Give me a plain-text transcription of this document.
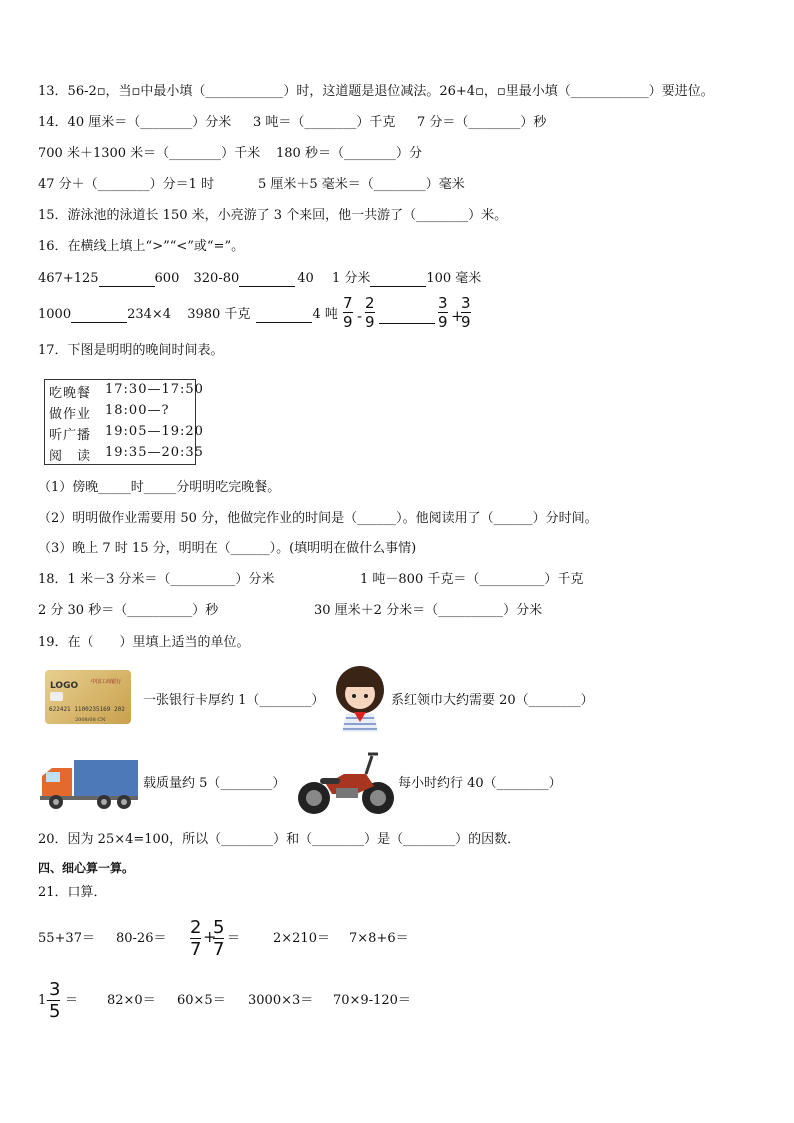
13．56-2▫，当▫中最小填（____________）时，这道题是退位减法。26+4▫，▫里最小填（____________）要进位。
14．40 厘米＝（________）分米 3 吨＝（________）千克 7 分＝（________）秒
700 米＋1300 米＝（________）千米 180 秒＝（________）分
47 分＋（________）分＝1 时	5 厘米＋5 毫米＝（________）毫米
15．游泳池的泳道长 150 米，小亮游了 3 个来回，他一共游了（________）米。
16．在横线上填上“>”“<”或“=”。
467+125	600 320-80	40 1 分米	100 毫米
1000	234×4 3980 千克	4 吨
7
9 -
2
9
3
9 +
3
9
17．下图是明明的晚间时间表。
吃晚餐	17:30—17:50
做作业	18:00—?
听广播	19:05—19:20
阅　读	19:35—20:35
（1）傍晚_____时_____分明明吃完晚餐。
（2）明明做作业需要用 50 分，他做完作业的时间是（______）。他阅读用了（______）分时间。
（3）晚上 7 时 15 分，明明在（______）。(填明明在做什么事情)
18．1 米－3 分米＝（__________）分米	1 吨－800 千克＝（__________）千克
2 分 30 秒＝（__________）秒	30 厘米＋2 分米＝（__________）分米
19．在（　　）里填上适当的单位。
LOGO	中国工商银行
622421 1100235169 202
2008/08 CN
一张银行卡厚约 1（________）	系红领巾大约需要 20（________）
载质量约 5（________）	每小时约行 40（________）
20．因为 25×4=100，所以（________）和（________）是（________）的因数．
四、细心算一算。
21．口算．
55+37＝ 80-26＝
2
7
+
5
7
＝	2×210＝ 7×8+6＝
1-
3
5
＝ 82×0＝ 60×5＝ 3000×3＝ 70×9-120＝
